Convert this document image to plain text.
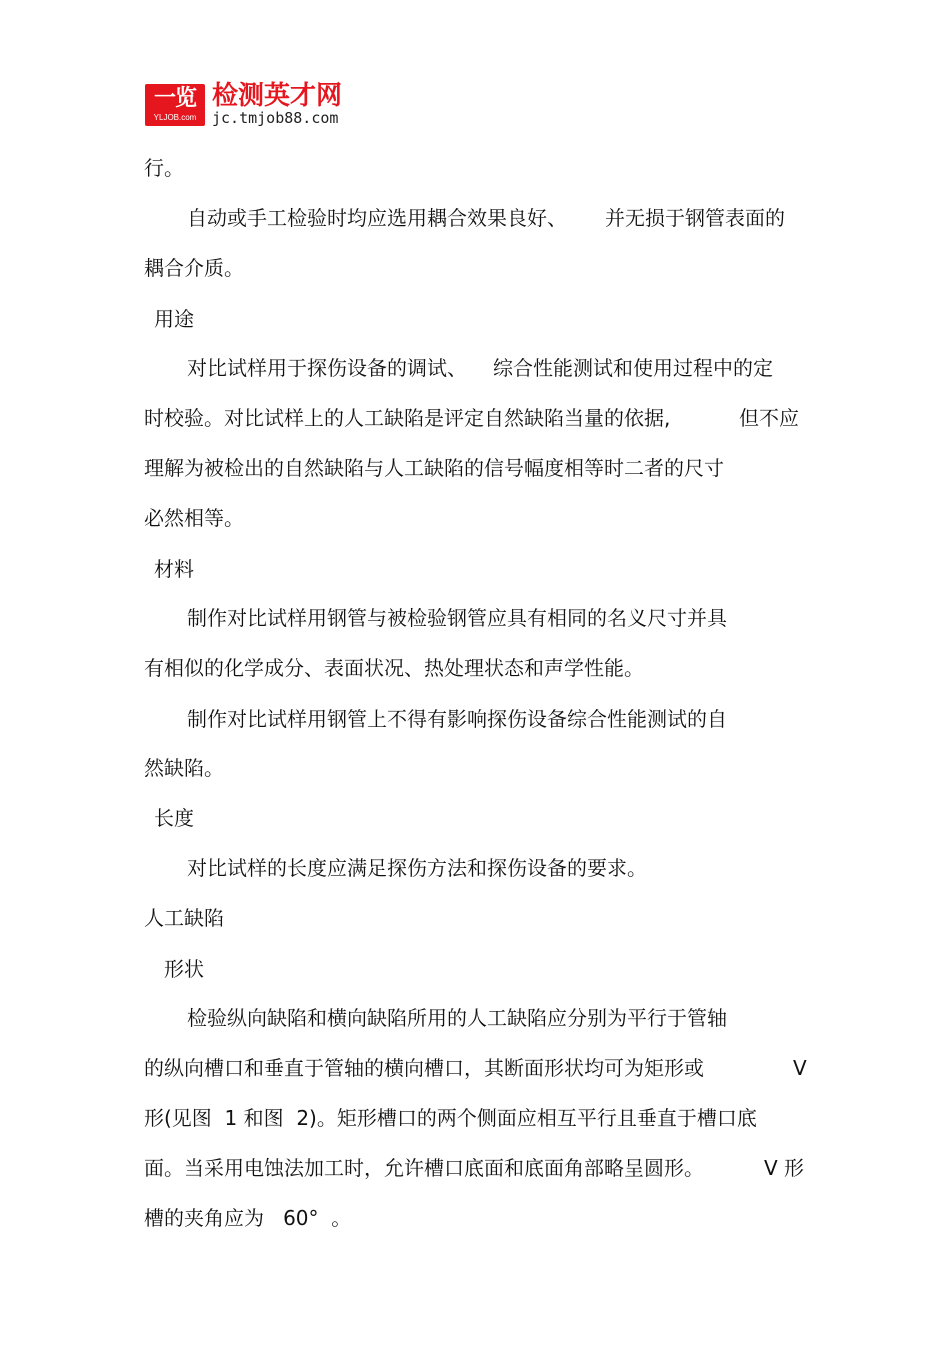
一览
YLJOB.com
检测英才网
jc.tmjob88.com
行。
自动或手工检验时均应选用耦合效果良好、 并无损于钢管表面的
耦合介质。
用途
对比试样用于探伤设备的调试、 综合性能测试和使用过程中的定
时校验。对比试样上的人工缺陷是评定自然缺陷当量的依据,	但不应
理解为被检出的自然缺陷与人工缺陷的信号幅度相等时二者的尺寸
必然相等。
材料
制作对比试样用钢管与被检验钢管应具有相同的名义尺寸并具
有相似的化学成分、表面状况、热处理状态和声学性能。
制作对比试样用钢管上不得有影响探伤设备综合性能测试的自
然缺陷。
长度
对比试样的长度应满足探伤方法和探伤设备的要求。
人工缺陷
形状
检验纵向缺陷和横向缺陷所用的人工缺陷应分别为平行于管轴
的纵向槽口和垂直于管轴的横向槽口，其断面形状均可为矩形或	V
形(见图  1 和图  2)。矩形槽口的两个侧面应相互平行且垂直于槽口底
面。当采用电蚀法加工时，允许槽口底面和底面角部略呈圆形。	V 形
槽的夹角应为   60°  。
